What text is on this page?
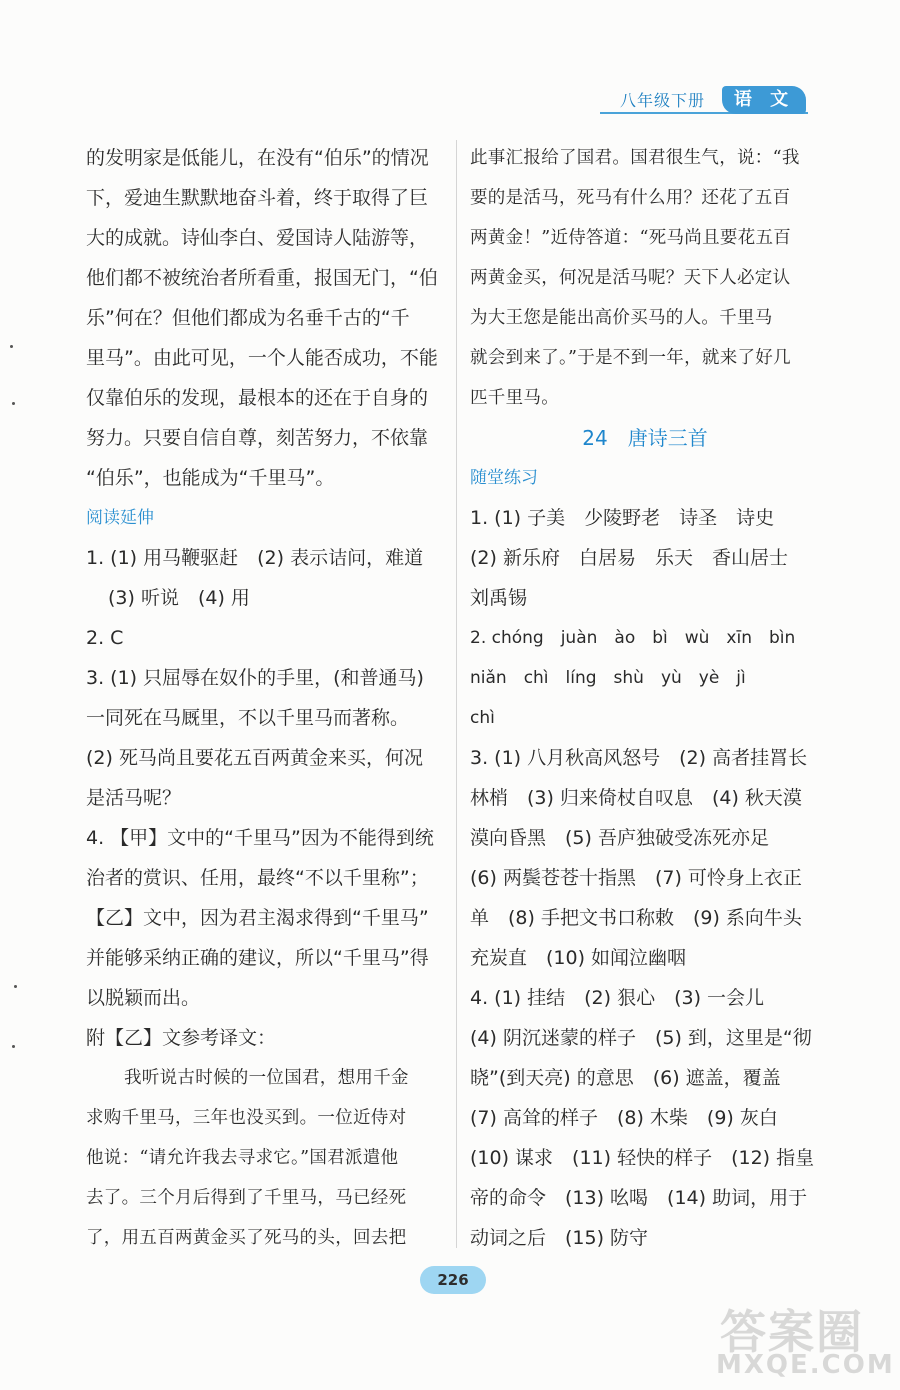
八年级下册	语 文
的发明家是低能儿，在没有“伯乐”的情况
下，爱迪生默默地奋斗着，终于取得了巨
大的成就。诗仙李白、爱国诗人陆游等，
他们都不被统治者所看重，报国无门，“伯
乐”何在？但他们都成为名垂千古的“千
里马”。由此可见，一个人能否成功，不能
仅靠伯乐的发现，最根本的还在于自身的
努力。只要自信自尊，刻苦努力，不依靠
“伯乐”，也能成为“千里马”。
阅读延伸
1. (1) 用马鞭驱赶　(2) 表示诘问，难道
(3) 听说　(4) 用
2. C
3. (1) 只屈辱在奴仆的手里，(和普通马)
一同死在马厩里，不以千里马而著称。
(2) 死马尚且要花五百两黄金来买，何况
是活马呢？
4. 【甲】文中的“千里马”因为不能得到统
治者的赏识、任用，最终“不以千里称”；
【乙】文中，因为君主渴求得到“千里马”
并能够采纳正确的建议，所以“千里马”得
以脱颖而出。
附【乙】文参考译文：
我听说古时候的一位国君，想用千金
求购千里马，三年也没买到。一位近侍对
他说：“请允许我去寻求它。”国君派遣他
去了。三个月后得到了千里马，马已经死
了，用五百两黄金买了死马的头，回去把
此事汇报给了国君。国君很生气，说：“我
要的是活马，死马有什么用？还花了五百
两黄金！”近侍答道：“死马尚且要花五百
两黄金买，何况是活马呢？天下人必定认
为大王您是能出高价买马的人。千里马
就会到来了。”于是不到一年，就来了好几
匹千里马。
24　唐诗三首
随堂练习
1. (1) 子美　少陵野老　诗圣　诗史
(2) 新乐府　白居易　乐天　香山居士
刘禹锡
2. chóng　juàn　ào　bì　wù　xīn　bìn
niǎn　chì　líng　shù　yù　yè　jì
chì
3. (1) 八月秋高风怒号　(2) 高者挂罥长
林梢　(3) 归来倚杖自叹息　(4) 秋天漠
漠向昏黑　(5) 吾庐独破受冻死亦足
(6) 两鬓苍苍十指黑　(7) 可怜身上衣正
单　(8) 手把文书口称敕　(9) 系向牛头
充炭直　(10) 如闻泣幽咽
4. (1) 挂结　(2) 狠心　(3) 一会儿
(4) 阴沉迷蒙的样子　(5) 到，这里是“彻
晓”(到天亮) 的意思　(6) 遮盖，覆盖
(7) 高耸的样子　(8) 木柴　(9) 灰白
(10) 谋求　(11) 轻快的样子　(12) 指皇
帝的命令　(13) 吆喝　(14) 助词，用于
动词之后　(15) 防守
226
答案圈
MXQE.COM
